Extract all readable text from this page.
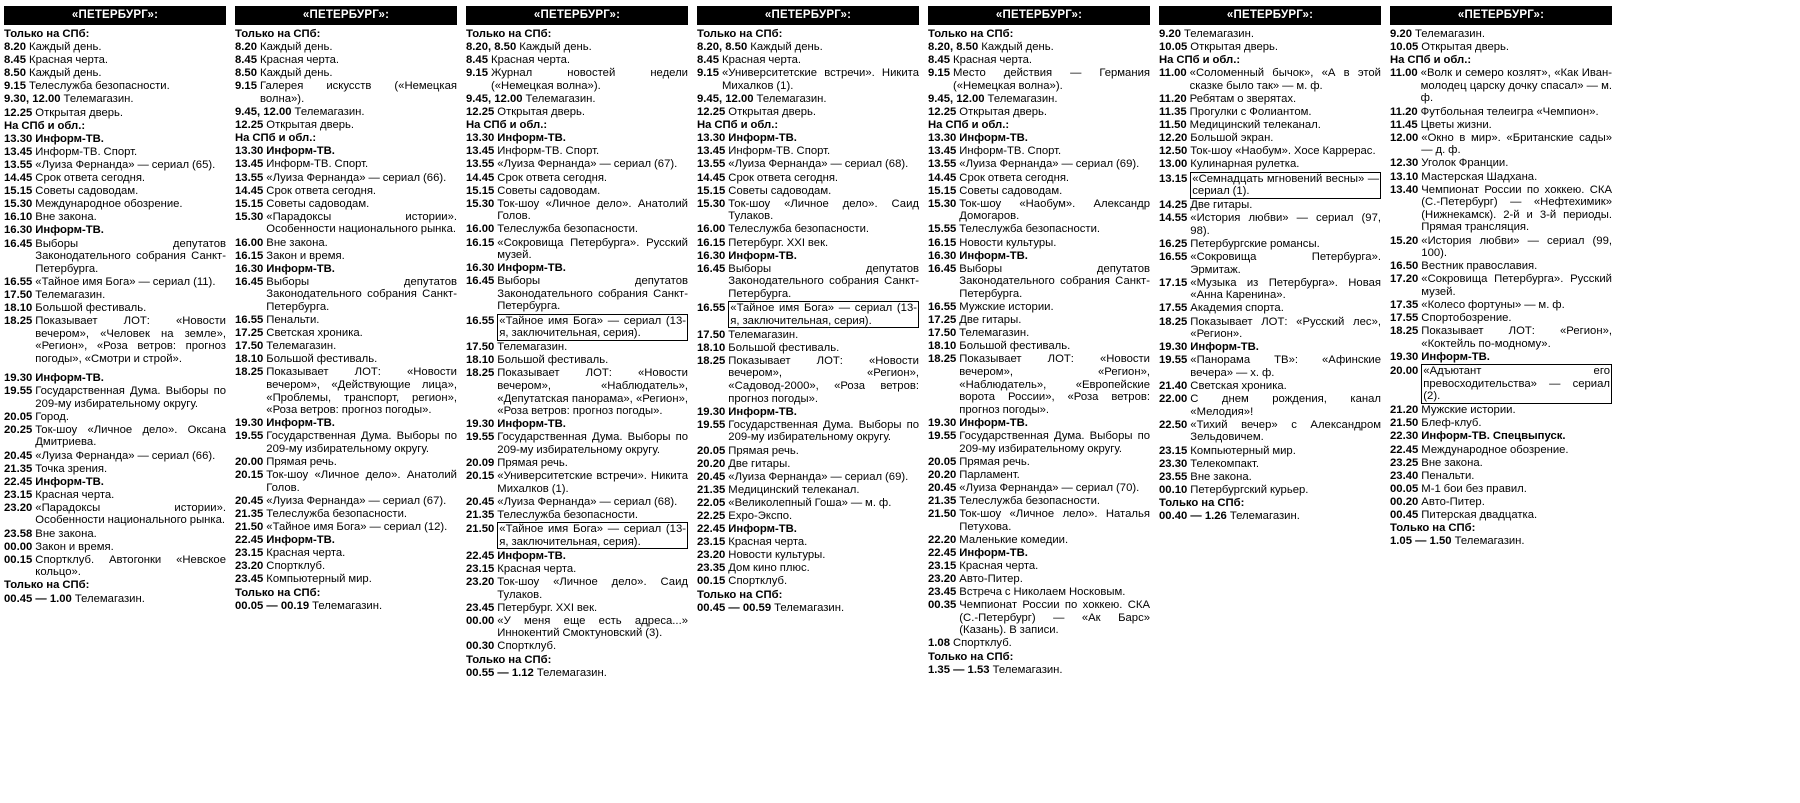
«ПЕТЕРБУРГ»:
Только на СПб:
8.20 Каждый день.
8.45 Красная черта.
8.50 Каждый день.
9.15 Телеслужба безопасности.
9.30, 12.00 Телемагазин.
12.25 Открытая дверь.
На СПб и обл.:
13.30 Информ-ТВ.
13.45 Информ-ТВ. Спорт.
13.55 «Луиза Фернанда» — сериал (65).
14.45 Срок ответа сегодня.
15.15 Советы садоводам.
15.30 Международное обозрение.
16.10 Вне закона.
16.30 Информ-ТВ.
16.45 Выборы депутатов Законодательного собрания Санкт-Петербурга.
16.55 «Тайное имя Бога» — сериал (11).
17.50 Телемагазин.
18.10 Большой фестиваль.
18.25 Показывает ЛОТ: «Новости вечером», «Человек на земле», «Регион», «Роза ветров: прогноз погоды», «Смотри и строй».
19.30 Информ-ТВ.
19.55 Государственная Дума. Выборы по 209-му избирательному округу.
20.05 Город.
20.25 Ток-шоу «Личное дело». Оксана Дмитриева.
20.45 «Луиза Фернанда» — сериал (66).
21.35 Точка зрения.
22.45 Информ-ТВ.
23.15 Красная черта.
23.20 «Парадоксы истории». Особенности национального рынка.
23.58 Вне закона.
00.00 Закон и время.
00.15 Спортклуб. Автогонки «Невское кольцо».
Только на СПб:
00.45 — 1.00 Телемагазин.
«ПЕТЕРБУРГ»:
Только на СПб:
8.20 Каждый день.
8.45 Красная черта.
8.50 Каждый день.
9.15 Галерея искусств («Немецкая волна»).
9.45, 12.00 Телемагазин.
12.25 Открытая дверь.
На СПб и обл.:
13.30 Информ-ТВ.
13.45 Информ-ТВ. Спорт.
13.55 «Луиза Фернанда» — сериал (66).
14.45 Срок ответа сегодня.
15.15 Советы садоводам.
15.30 «Парадоксы истории». Особенности национального рынка.
16.00 Вне закона.
16.15 Закон и время.
16.30 Информ-ТВ.
16.45 Выборы депутатов Законодательного собрания Санкт-Петербурга.
16.55 Пенальти.
17.25 Светская хроника.
17.50 Телемагазин.
18.10 Большой фестиваль.
18.25 Показывает ЛОТ: «Новости вечером», «Действующие лица», «Проблемы, транспорт, регион», «Роза ветров: прогноз погоды».
19.30 Информ-ТВ.
19.55 Государственная Дума. Выборы по 209-му избирательному округу.
20.00 Прямая речь.
20.15 Ток-шоу «Личное дело». Анатолий Голов.
20.45 «Луиза Фернанда» — сериал (67).
21.35 Телеслужба безопасности.
21.50 «Тайное имя Бога» — сериал (12).
22.45 Информ-ТВ.
23.15 Красная черта.
23.20 Спортклуб.
23.45 Компьютерный мир.
Только на СПб:
00.05 — 00.19 Телемагазин.
«ПЕТЕРБУРГ»:
Только на СПб:
8.20, 8.50 Каждый день.
8.45 Красная черта.
9.15 Журнал новостей недели («Немецкая волна»).
9.45, 12.00 Телемагазин.
12.25 Открытая дверь.
На СПб и обл.:
13.30 Информ-ТВ.
13.45 Информ-ТВ. Спорт.
13.55 «Луиза Фернанда» — сериал (67).
14.45 Срок ответа сегодня.
15.15 Советы садоводам.
15.30 Ток-шоу «Личное дело». Анатолий Голов.
16.00 Телеслужба безопасности.
16.15 «Сокровища Петербурга». Русский музей.
16.30 Информ-ТВ.
16.45 Выборы депутатов Законодательного собрания Санкт-Петербурга.
16.55 «Тайное имя Бога» — сериал (13-я, заключительная, серия).
17.50 Телемагазин.
18.10 Большой фестиваль.
18.25 Показывает ЛОТ: «Новости вечером», «Наблюдатель», «Депутатская панорама», «Регион», «Роза ветров: прогноз погоды».
19.30 Информ-ТВ.
19.55 Государственная Дума. Выборы по 209-му избирательному округу.
20.09 Прямая речь.
20.15 «Университетские встречи». Никита Михалков (1).
20.45 «Луиза Фернанда» — сериал (68).
21.35 Телеслужба безопасности.
21.50 «Тайное имя Бога» — сериал (13-я, заключительная, серия).
22.45 Информ-ТВ.
23.15 Красная черта.
23.20 Ток-шоу «Личное дело». Саид Тулаков.
23.45 Петербург. XXI век.
00.00 «У меня еще есть адреса...» Иннокентий Смоктуновский (3).
00.30 Спортклуб.
Только на СПб:
00.55 — 1.12 Телемагазин.
«ПЕТЕРБУРГ»:
Только на СПб:
8.20, 8.50 Каждый день.
8.45 Красная черта.
9.15 «Университетские встречи». Никита Михалков (1).
9.45, 12.00 Телемагазин.
12.25 Открытая дверь.
На СПб и обл.:
13.30 Информ-ТВ.
13.45 Информ-ТВ. Спорт.
13.55 «Луиза Фернанда» — сериал (68).
14.45 Срок ответа сегодня.
15.15 Советы садоводам.
15.30 Ток-шоу «Личное дело». Саид Тулаков.
16.00 Телеслужба безопасности.
16.15 Петербург. XXI век.
16.30 Информ-ТВ.
16.45 Выборы депутатов Законодательного собрания Санкт-Петербурга.
16.55 «Тайное имя Бога» — сериал (13-я, заключительная, серия).
17.50 Телемагазин.
18.10 Большой фестиваль.
18.25 Показывает ЛОТ: «Новости вечером», «Регион», «Садовод-2000», «Роза ветров: прогноз погоды».
19.30 Информ-ТВ.
19.55 Государственная Дума. Выборы по 209-му избирательному округу.
20.05 Прямая речь.
20.20 Две гитары.
20.45 «Луиза Фернанда» — сериал (69).
21.35 Медицинский телеканал.
22.05 «Великолепный Гоша» — м. ф.
22.25 Ехро-Экспо.
22.45 Информ-ТВ.
23.15 Красная черта.
23.20 Новости культуры.
23.35 Дом кино плюс.
00.15 Спортклуб.
Только на СПб:
00.45 — 00.59 Телемагазин.
«ПЕТЕРБУРГ»:
Только на СПб:
8.20, 8.50 Каждый день.
8.45 Красная черта.
9.15 Место действия — Германия («Немецкая волна»).
9.45, 12.00 Телемагазин.
12.25 Открытая дверь.
На СПб и обл.:
13.30 Информ-ТВ.
13.45 Информ-ТВ. Спорт.
13.55 «Луиза Фернанда» — сериал (69).
14.45 Срок ответа сегодня.
15.15 Советы садоводам.
15.30 Ток-шоу «Наобум». Александр Домогаров.
15.55 Телеслужба безопасности.
16.15 Новости культуры.
16.30 Информ-ТВ.
16.45 Выборы депутатов Законодательного собрания Санкт-Петербурга.
16.55 Мужские истории.
17.25 Две гитары.
17.50 Телемагазин.
18.10 Большой фестиваль.
18.25 Показывает ЛОТ: «Новости вечером», «Регион», «Наблюдатель», «Европейские ворота России», «Роза ветров: прогноз погоды».
19.30 Информ-ТВ.
19.55 Государственная Дума. Выборы по 209-му избирательному округу.
20.05 Прямая речь.
20.20 Парламент.
20.45 «Луиза Фернанда» — сериал (70).
21.35 Телеслужба безопасности.
21.50 Ток-шоу «Личное лело». Наталья Петухова.
22.20 Маленькие комедии.
22.45 Информ-ТВ.
23.15 Красная черта.
23.20 Авто-Питер.
23.45 Встреча с Николаем Носковым.
00.35 Чемпионат России по хоккею. СКА (С.-Петербург) — «Ак Барс» (Казань). В записи.
1.08 Спортклуб.
Только на СПб:
1.35 — 1.53 Телемагазин.
«ПЕТЕРБУРГ»:
9.20 Телемагазин.
10.05 Открытая дверь.
На СПб и обл.:
11.00 «Соломенный бычок», «А в этой сказке было так» — м. ф.
11.20 Ребятам о зверятах.
11.35 Прогулки с Фолиантом.
11.50 Медицинский телеканал.
12.20 Большой экран.
12.50 Ток-шоу «Наобум». Хосе Каррерас.
13.00 Кулинарная рулетка.
13.15 «Семнадцать мгновений весны» — сериал (1).
14.25 Две гитары.
14.55 «История любви» — сериал (97, 98).
16.25 Петербургские романсы.
16.55 «Сокровища Петербурга». Эрмитаж.
17.15 «Музыка из Петербурга». Новая «Анна Каренина».
17.55 Академия спорта.
18.25 Показывает ЛОТ: «Русский лес», «Регион».
19.30 Информ-ТВ.
19.55 «Панорама ТВ»: «Афинские вечера» — х. ф.
21.40 Светская хроника.
22.00 С днем рождения, канал «Мелодия»!
22.50 «Тихий вечер» с Александром Зельдовичем.
23.15 Компьютерный мир.
23.30 Телекомпакт.
23.55 Вне закона.
00.10 Петербургский курьер.
Только на СПб:
00.40 — 1.26 Телемагазин.
«ПЕТЕРБУРГ»:
9.20 Телемагазин.
10.05 Открытая дверь.
На СПб и обл.:
11.00 «Волк и семеро козлят», «Как Иван-молодец царску дочку спасал» — м. ф.
11.20 Футбольная телеигра «Чемпион».
11.45 Цветы жизни.
12.00 «Окно в мир». «Британские сады» — д. ф.
12.30 Уголок Франции.
13.10 Мастерская Шадхана.
13.40 Чемпионат России по хоккею. СКА (С.-Петербург) — «Нефтехимик» (Нижнекамск). 2-й и 3-й периоды. Прямая трансляция.
15.20 «История любви» — сериал (99, 100).
16.50 Вестник православия.
17.20 «Сокровища Петербурга». Русский музей.
17.35 «Колесо фортуны» — м. ф.
17.55 Спортобозрение.
18.25 Показывает ЛОТ: «Регион», «Коктейль по-модному».
19.30 Информ-ТВ.
20.00 «Адъютант его превосходительства» — сериал (2).
21.20 Мужские истории.
21.50 Блеф-клуб.
22.30 Информ-ТВ. Спецвыпуск.
22.45 Международное обозрение.
23.25 Вне закона.
23.40 Пенальти.
00.05 М-1 бои без правил.
00.20 Авто-Питер.
00.45 Питерская двадцатка.
Только на СПб:
1.05 — 1.50 Телемагазин.
